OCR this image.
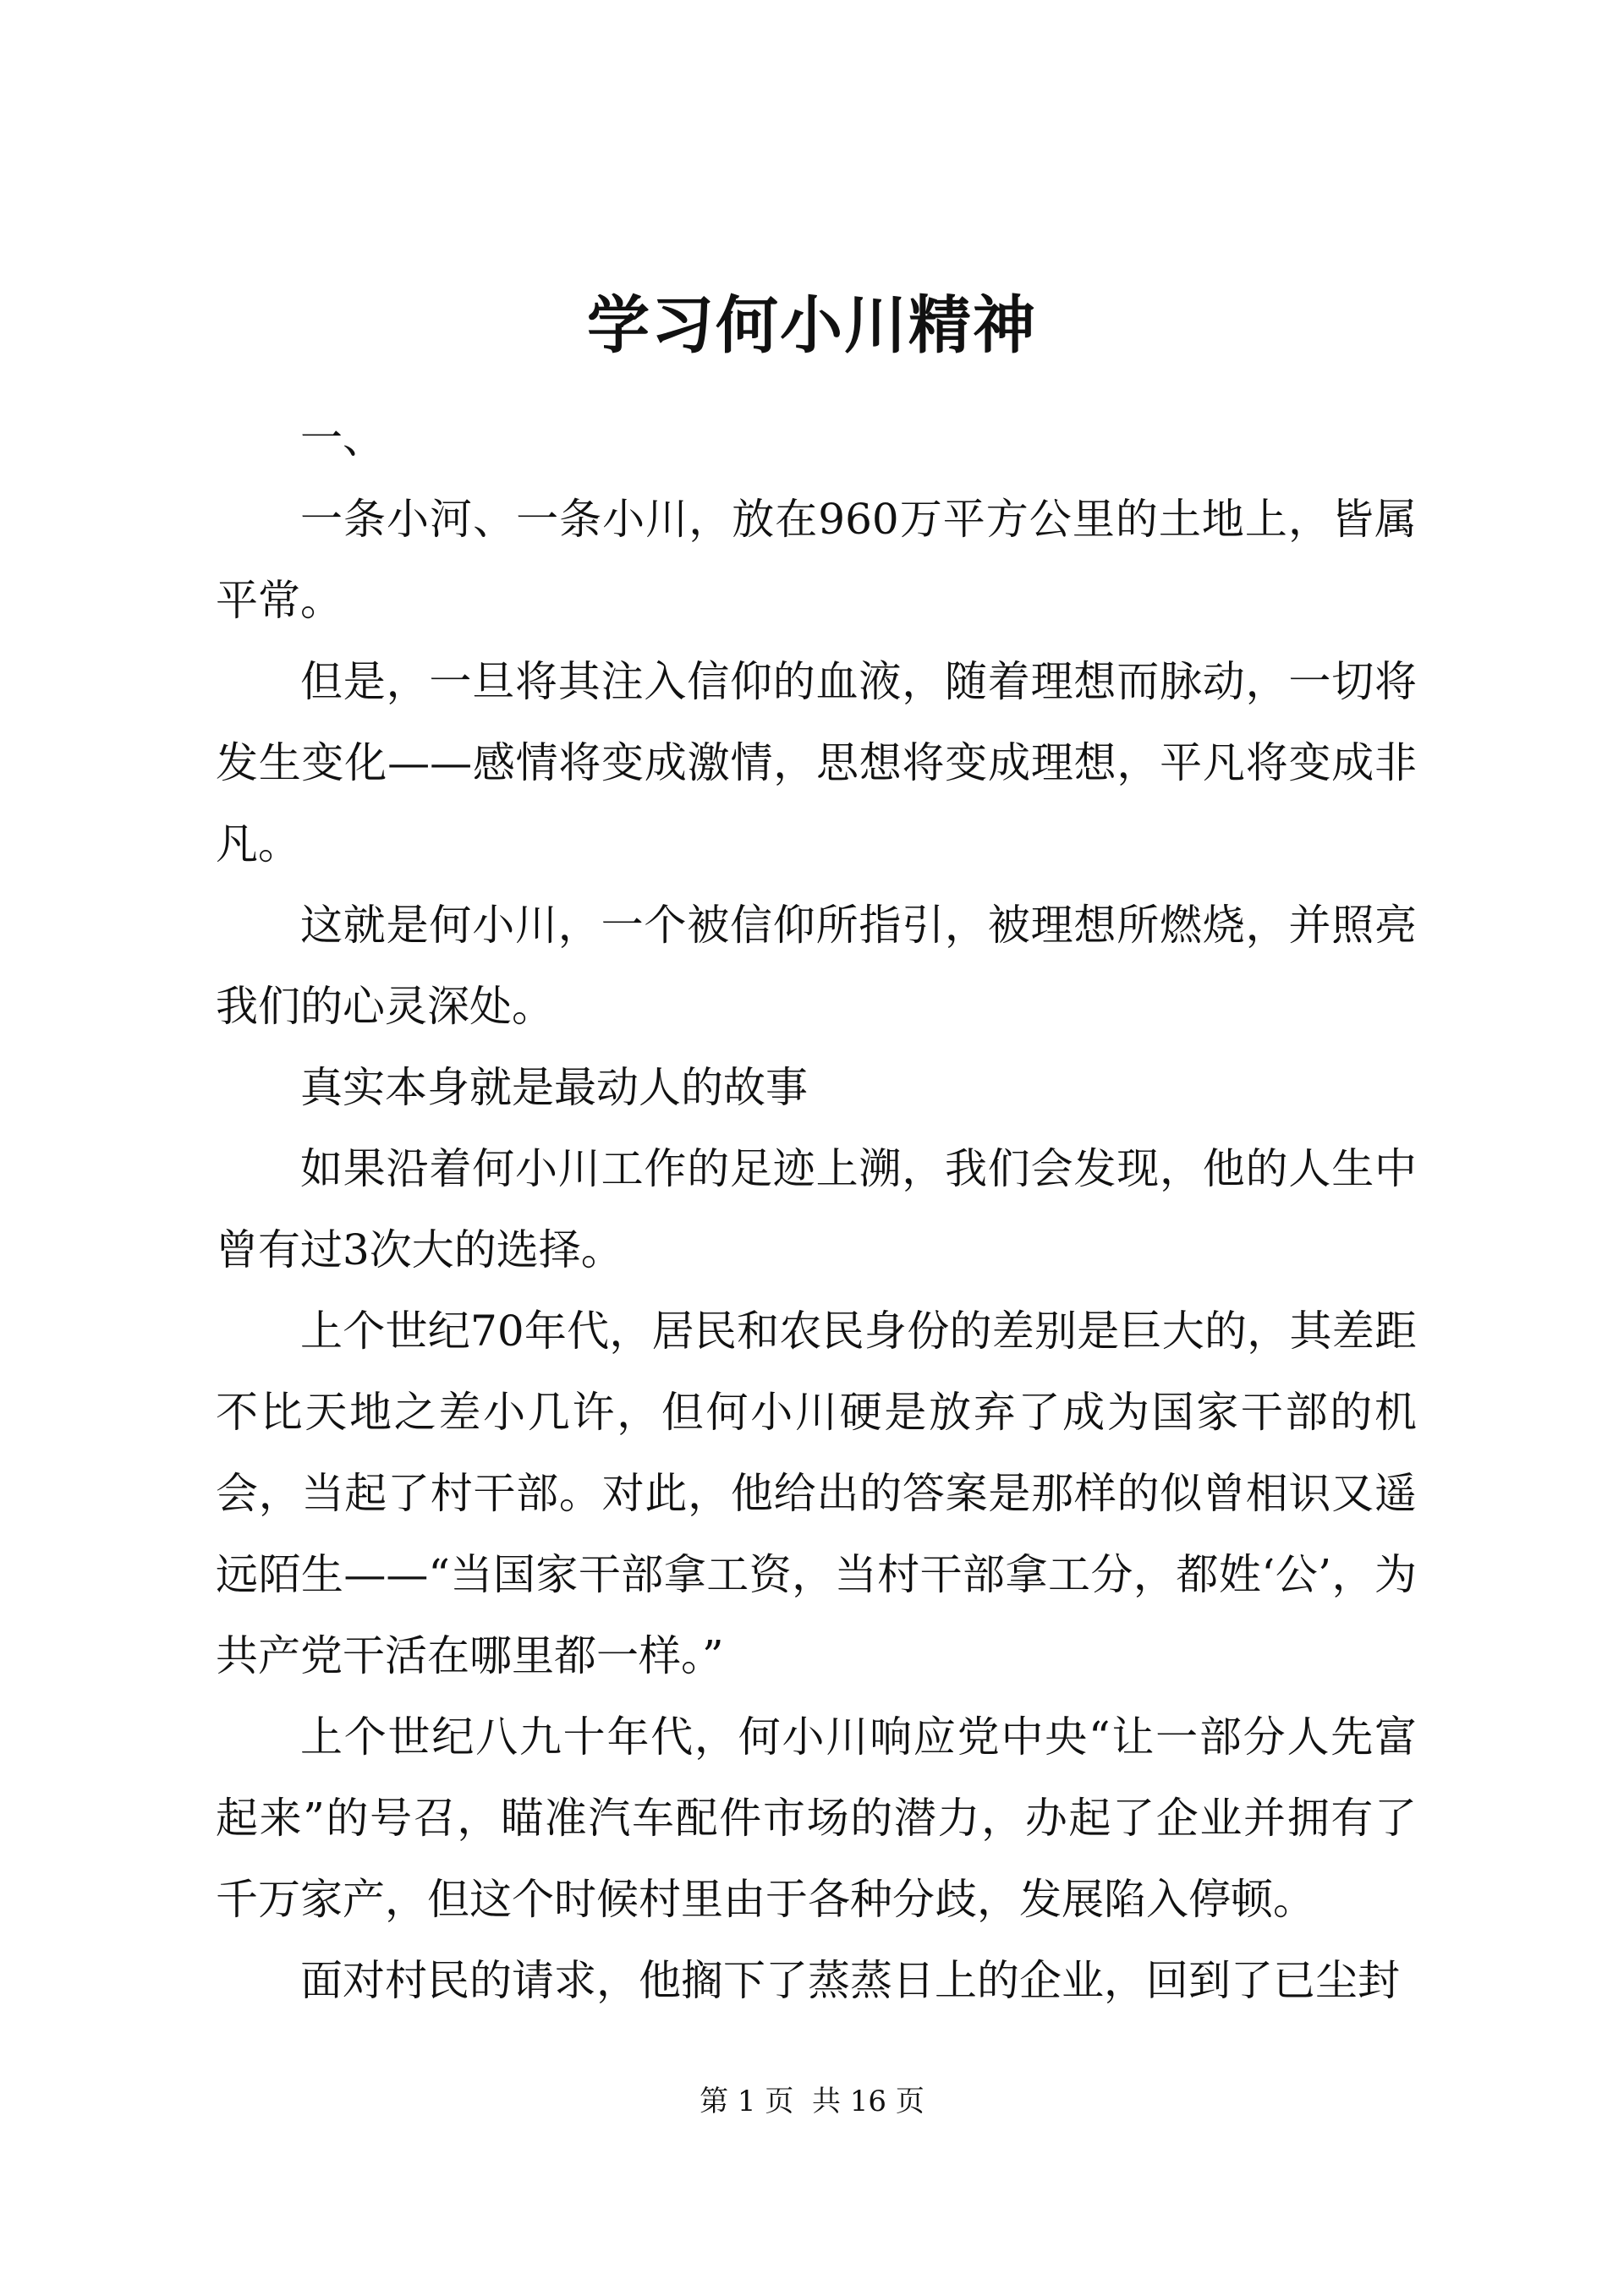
学习何小川精神

一、

一条小河、一条小川，放在960万平方公里的土地上，皆属平常。

但是，一旦将其注入信仰的血液，随着理想而脉动，一切将发生变化——感情将变成激情，思想将变成理想，平凡将变成非凡。

这就是何小川，一个被信仰所指引，被理想所燃烧，并照亮我们的心灵深处。

真实本身就是最动人的故事

如果沿着何小川工作的足迹上溯，我们会发现，他的人生中曾有过3次大的选择。

上个世纪70年代，居民和农民身份的差别是巨大的，其差距不比天地之差小几许，但何小川硬是放弃了成为国家干部的机会，当起了村干部。对此，他给出的答案是那样的似曾相识又遥远陌生——“当国家干部拿工资，当村干部拿工分，都姓‘公’，为共产党干活在哪里都一样。”

上个世纪八九十年代，何小川响应党中央“让一部分人先富起来”的号召，瞄准汽车配件市场的潜力，办起了企业并拥有了千万家产，但这个时候村里由于各种分歧，发展陷入停顿。

面对村民的请求，他搁下了蒸蒸日上的企业，回到了已尘封

第 1 页  共 16 页
